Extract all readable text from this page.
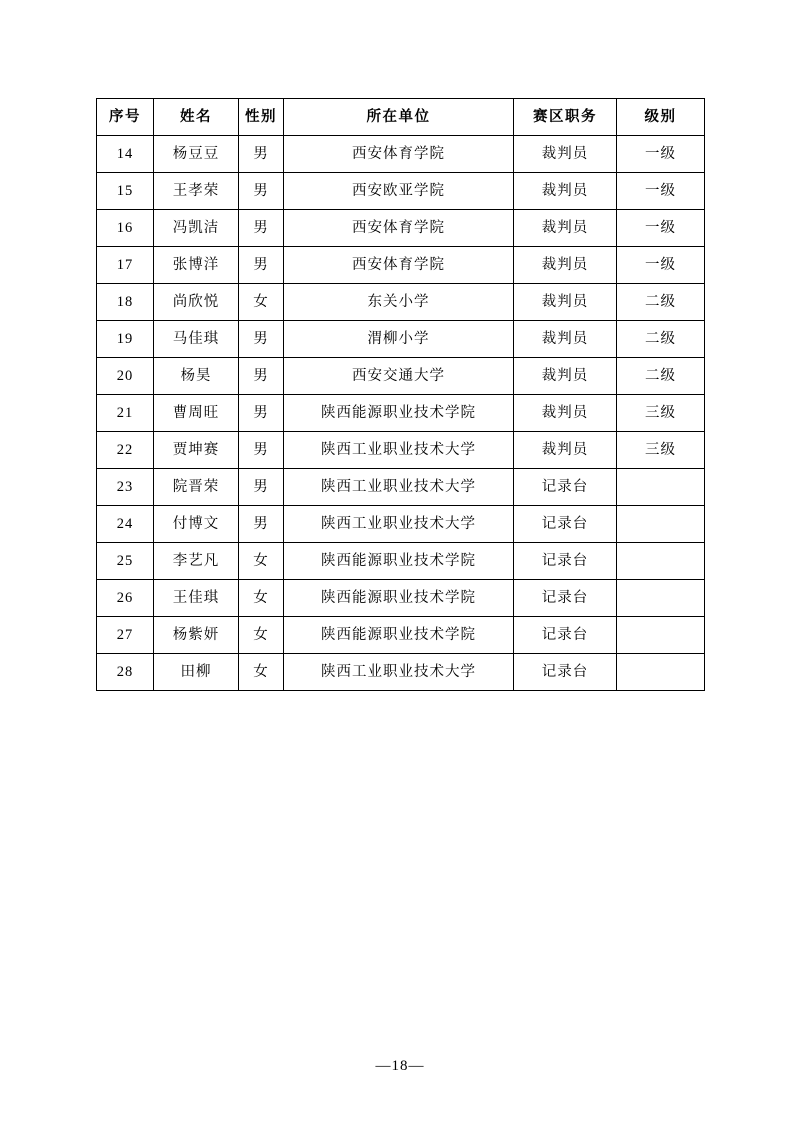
序号	姓名	性别	所在单位	赛区职务	级别
14	杨豆豆	男	西安体育学院	裁判员	一级
15	王孝荣	男	西安欧亚学院	裁判员	一级
16	冯凯洁	男	西安体育学院	裁判员	一级
17	张博洋	男	西安体育学院	裁判员	一级
18	尚欣悦	女	东关小学	裁判员	二级
19	马佳琪	男	渭柳小学	裁判员	二级
20	杨昊	男	西安交通大学	裁判员	二级
21	曹周旺	男	陕西能源职业技术学院	裁判员	三级
22	贾坤赛	男	陕西工业职业技术大学	裁判员	三级
23	院晋荣	男	陕西工业职业技术大学	记录台	
24	付博文	男	陕西工业职业技术大学	记录台	
25	李艺凡	女	陕西能源职业技术学院	记录台	
26	王佳琪	女	陕西能源职业技术学院	记录台	
27	杨紫妍	女	陕西能源职业技术学院	记录台	
28	田柳	女	陕西工业职业技术大学	记录台	
—18—
